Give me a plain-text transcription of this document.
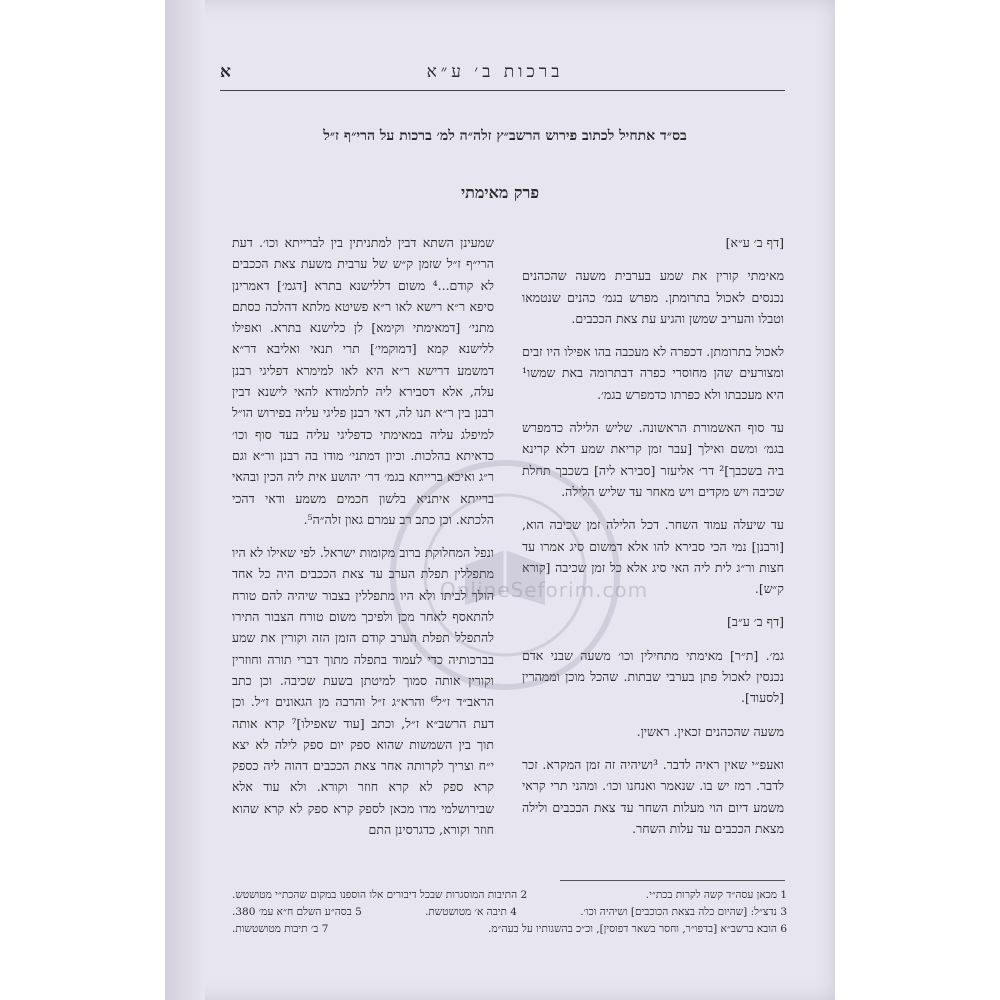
א	ברכות ב׳ ע״א
בס״ד אתחיל לכתוב פירוש הרשב״ץ זלה״ה למ׳ ברכות על הרי״ף ז״ל
פרק מאימתי

[דף ב׳ ע״א]

מאימתי קורין את שמע בערבית משעה שהכהנים נכנסים לאכול בתרומתן. מפרש בגמ׳ כהנים שנטמאו וטבלו והעריב שמשן והגיע עת צאת הככבים.

לאכול בתרומתן. דכפרה לא מעכבה בהו אפילו היו זבים ומצורעים שהן מחוסרי כפרה דבתרומה באת שמשו¹ היא מעכבתו ולא כפרתו כדמפרש בגמ׳.

עד סוף האשמורת הראשונה. שליש הלילה כדמפרש בגמ׳ ומשם ואילך [עבר זמן קריאת שמע דלא קרינא ביה בשכבך]² דר׳ אליעזר [סבירא ליה] בשכבך תחלת שכיבה ויש מקדים ויש מאחר עד שליש הלילה.

עד שיעלה עמוד השחר. דכל הלילה זמן שכיבה הוא, [ורבנן] נמי הכי סבירא להו אלא דמשום סיג אמרו עד חצות ור״ג לית ליה האי סיג אלא כל זמן שכיבה [קורא ק״ש].

[דף ב׳ ע״ב]

גמ׳. [ת״ר] מאימתי מתחילין וכו׳ משעה שבני אדם נכנסין לאכול פתן בערבי שבתות. שהכל מוכן וממהרין [לסעוד].

משעה שהכהנים זכאין. ראשין.

ואעפ״י שאין ראיה לדבר. ³ושיהיה זה זמן המקרא. זכר לדבר. רמז יש בו. שנאמר ואנחנו וכו׳. ומהני תרי קראי משמע דיום הוי מעלות השחר עד צאת הככבים ולילה מצאת הככבים עד עלות השחר.

שמעינן השתא דבין למתניתין בין לברייתא וכו׳. דעת הרי״ף ז״ל שזמן ק״ש של ערבית משעת צאת הככבים לא קודם...⁴ משום דללישנא בתרא [דגמ׳] דאמרינן סיפא ר״א רישא לאו ר״א פשיטא מלתא דהלכה כסתם מתני׳ [דמאימתי וקימא] לן כלישנא בתרא. ואפילו ללישנא קמא [דמוקמי׳] תרי תנאי ואליבא דר״א דמשמע דרישא ר״א היא לאו למימרא דפליגי רבנן עלה, אלא דסבירא ליה לתלמודא להאי לישנא דבין רבנן בין ר״א תנו לה, דאי רבנן פליגי עליה בפירוש הו״ל למיפלג עליה במאימתי כדפליגי עליה בעד סוף וכו׳ כדאיתא בהלכות. וכיון דמתני׳ מודו בה רבנן ור״א וגם ר״ג ואיכא ברייתא בגמ׳ דר׳ יהושע אית ליה הכין ובהאי ברייתא איתניא בלשון חכמים משמע ודאי דהכי הלכתא. וכן כתב רב עמרם גאון זלה״ה⁵.

ונפל המחלוקת ברוב מקומות ישראל. לפי שאילו לא היו מתפללין תפלת הערב עד צאת הככבים היה כל אחד הולך לביתו ולא היו מתפללין בצבור שיהיה להם טורח להתאסף לאחר מכן ולפיכך משום טורח הצבור התירו להתפלל תפלת הערב קודם הזמן הזה וקורין את שמע בברכותיה כדי לעמוד בתפלה מתוך דברי תורה וחוזרין וקורין אותה סמוך למיטתן בשעת שכיבה. וכן כתב הראב״ד ז״ל⁶ והרא״ג ז״ל והרבה מן הגאונים ז״ל. וכן דעת הרשב״א ז״ל, וכתב [עוד שאפילו]⁷ קרא אותה תוך בין השמשות שהוא ספק יום ספק לילה לא יצא י״ח וצריך לקרותה אחר צאת הככבים דהוה ליה כספק קרא ספק לא קרא חוזר וקורא. ולא עוד אלא שבירושלמי מדו מכאן לספק קרא ספק לא קרא שהוא חוזר וקורא, כדגרסינן התם

OnlineSeforim.com
1 מכאן עסה״ד קשה לקרות בכת״י.
2 התיבות המוסגרות שבכל דיבורים אלו הוספנו במקום שהכת״י מטושטש.
3 נדצ״ל: [שהיום כלה בצאת הכוכבים] ושיהיה וכו׳.
4 תיבה א׳ מטושטשת.
5 בסה״ע השלם ח״א עמ׳ 380.
6 הובא ברשב״א [בדפו״ר, וחסר בשאר דפוסין], וכ״כ בהשגותיו על בעה״מ.
7 ב׳ תיבות מטושטשות.
